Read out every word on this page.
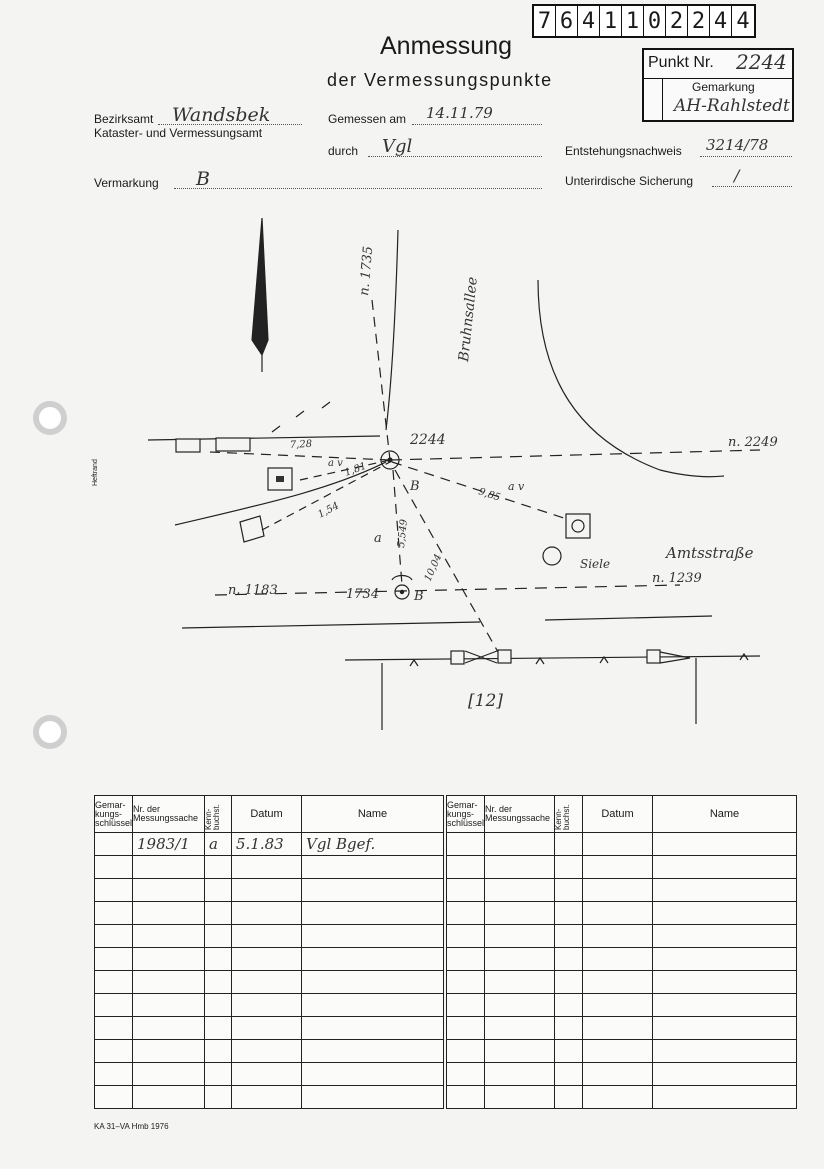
7 6 4 1 1 0 2 2 4 4
Anmessung
der Vermessungspunkte
Punkt Nr. 2244
Gemarkung
AH-Rahlstedt
Bezirksamt Wandsbek
Kataster- und Vermessungsamt
Gemessen am	14.11.79
durch	Vgl	Entstehungsnachweis	3214/78
Vermarkung	B	Unterirdische Sicherung	/
Heftrand
n. 1735
Bruhnsallee
2244	n. 2249
7,28
a v 1,81
1,54
B	9,85 a v
a 5,549
10,04	Siele
Amtsstraße
n. 1239
n. 1183	1734	B
[12]
Gemar-kungs-schlüssel	Nr. der Messungssache	Kenn-buchst.	Datum	Name
	1983/1	a	5.1.83	Vgl Bgef.

Gemar-kungs-schlüssel	Nr. der Messungssache	Kenn-buchst.	Datum	Name

KA 31–VA Hmb 1976
